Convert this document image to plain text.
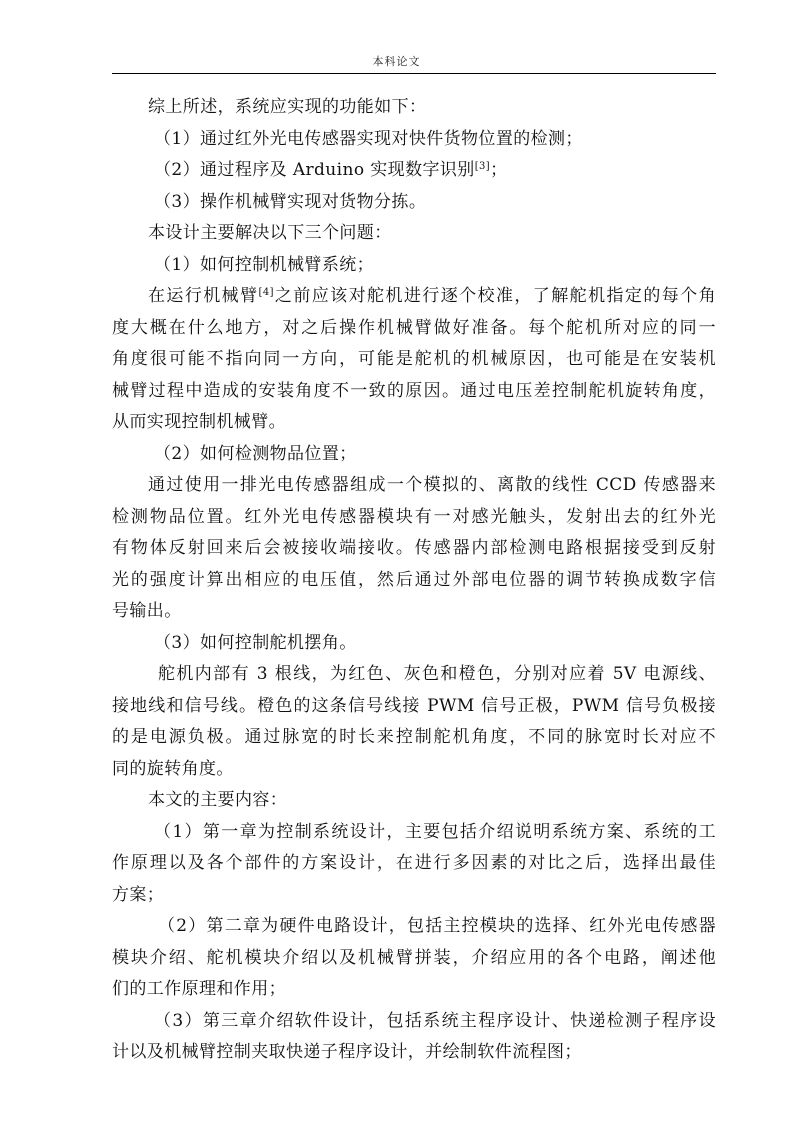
本科论文
综上所述，系统应实现的功能如下：
（1）通过红外光电传感器实现对快件货物位置的检测；
（2）通过程序及 Arduino 实现数字识别[3]；
（3）操作机械臂实现对货物分拣。
本设计主要解决以下三个问题：
（1）如何控制机械臂系统；
在运行机械臂[4]之前应该对舵机进行逐个校准，了解舵机指定的每个角
度大概在什么地方，对之后操作机械臂做好准备。每个舵机所对应的同一
角度很可能不指向同一方向，可能是舵机的机械原因，也可能是在安装机
械臂过程中造成的安装角度不一致的原因。通过电压差控制舵机旋转角度，
从而实现控制机械臂。
（2）如何检测物品位置；
通过使用一排光电传感器组成一个模拟的、离散的线性 CCD 传感器来
检测物品位置。红外光电传感器模块有一对感光触头，发射出去的红外光
有物体反射回来后会被接收端接收。传感器内部检测电路根据接受到反射
光的强度计算出相应的电压值，然后通过外部电位器的调节转换成数字信
号输出。
（3）如何控制舵机摆角。
舵机内部有 3 根线，为红色、灰色和橙色，分别对应着 5V 电源线、
接地线和信号线。橙色的这条信号线接 PWM 信号正极，PWM 信号负极接
的是电源负极。通过脉宽的时长来控制舵机角度，不同的脉宽时长对应不
同的旋转角度。
本文的主要内容：
（1）第一章为控制系统设计，主要包括介绍说明系统方案、系统的工
作原理以及各个部件的方案设计，在进行多因素的对比之后，选择出最佳
方案；
（2）第二章为硬件电路设计，包括主控模块的选择、红外光电传感器
模块介绍、舵机模块介绍以及机械臂拼装，介绍应用的各个电路，阐述他
们的工作原理和作用；
（3）第三章介绍软件设计，包括系统主程序设计、快递检测子程序设
计以及机械臂控制夹取快递子程序设计，并绘制软件流程图；
